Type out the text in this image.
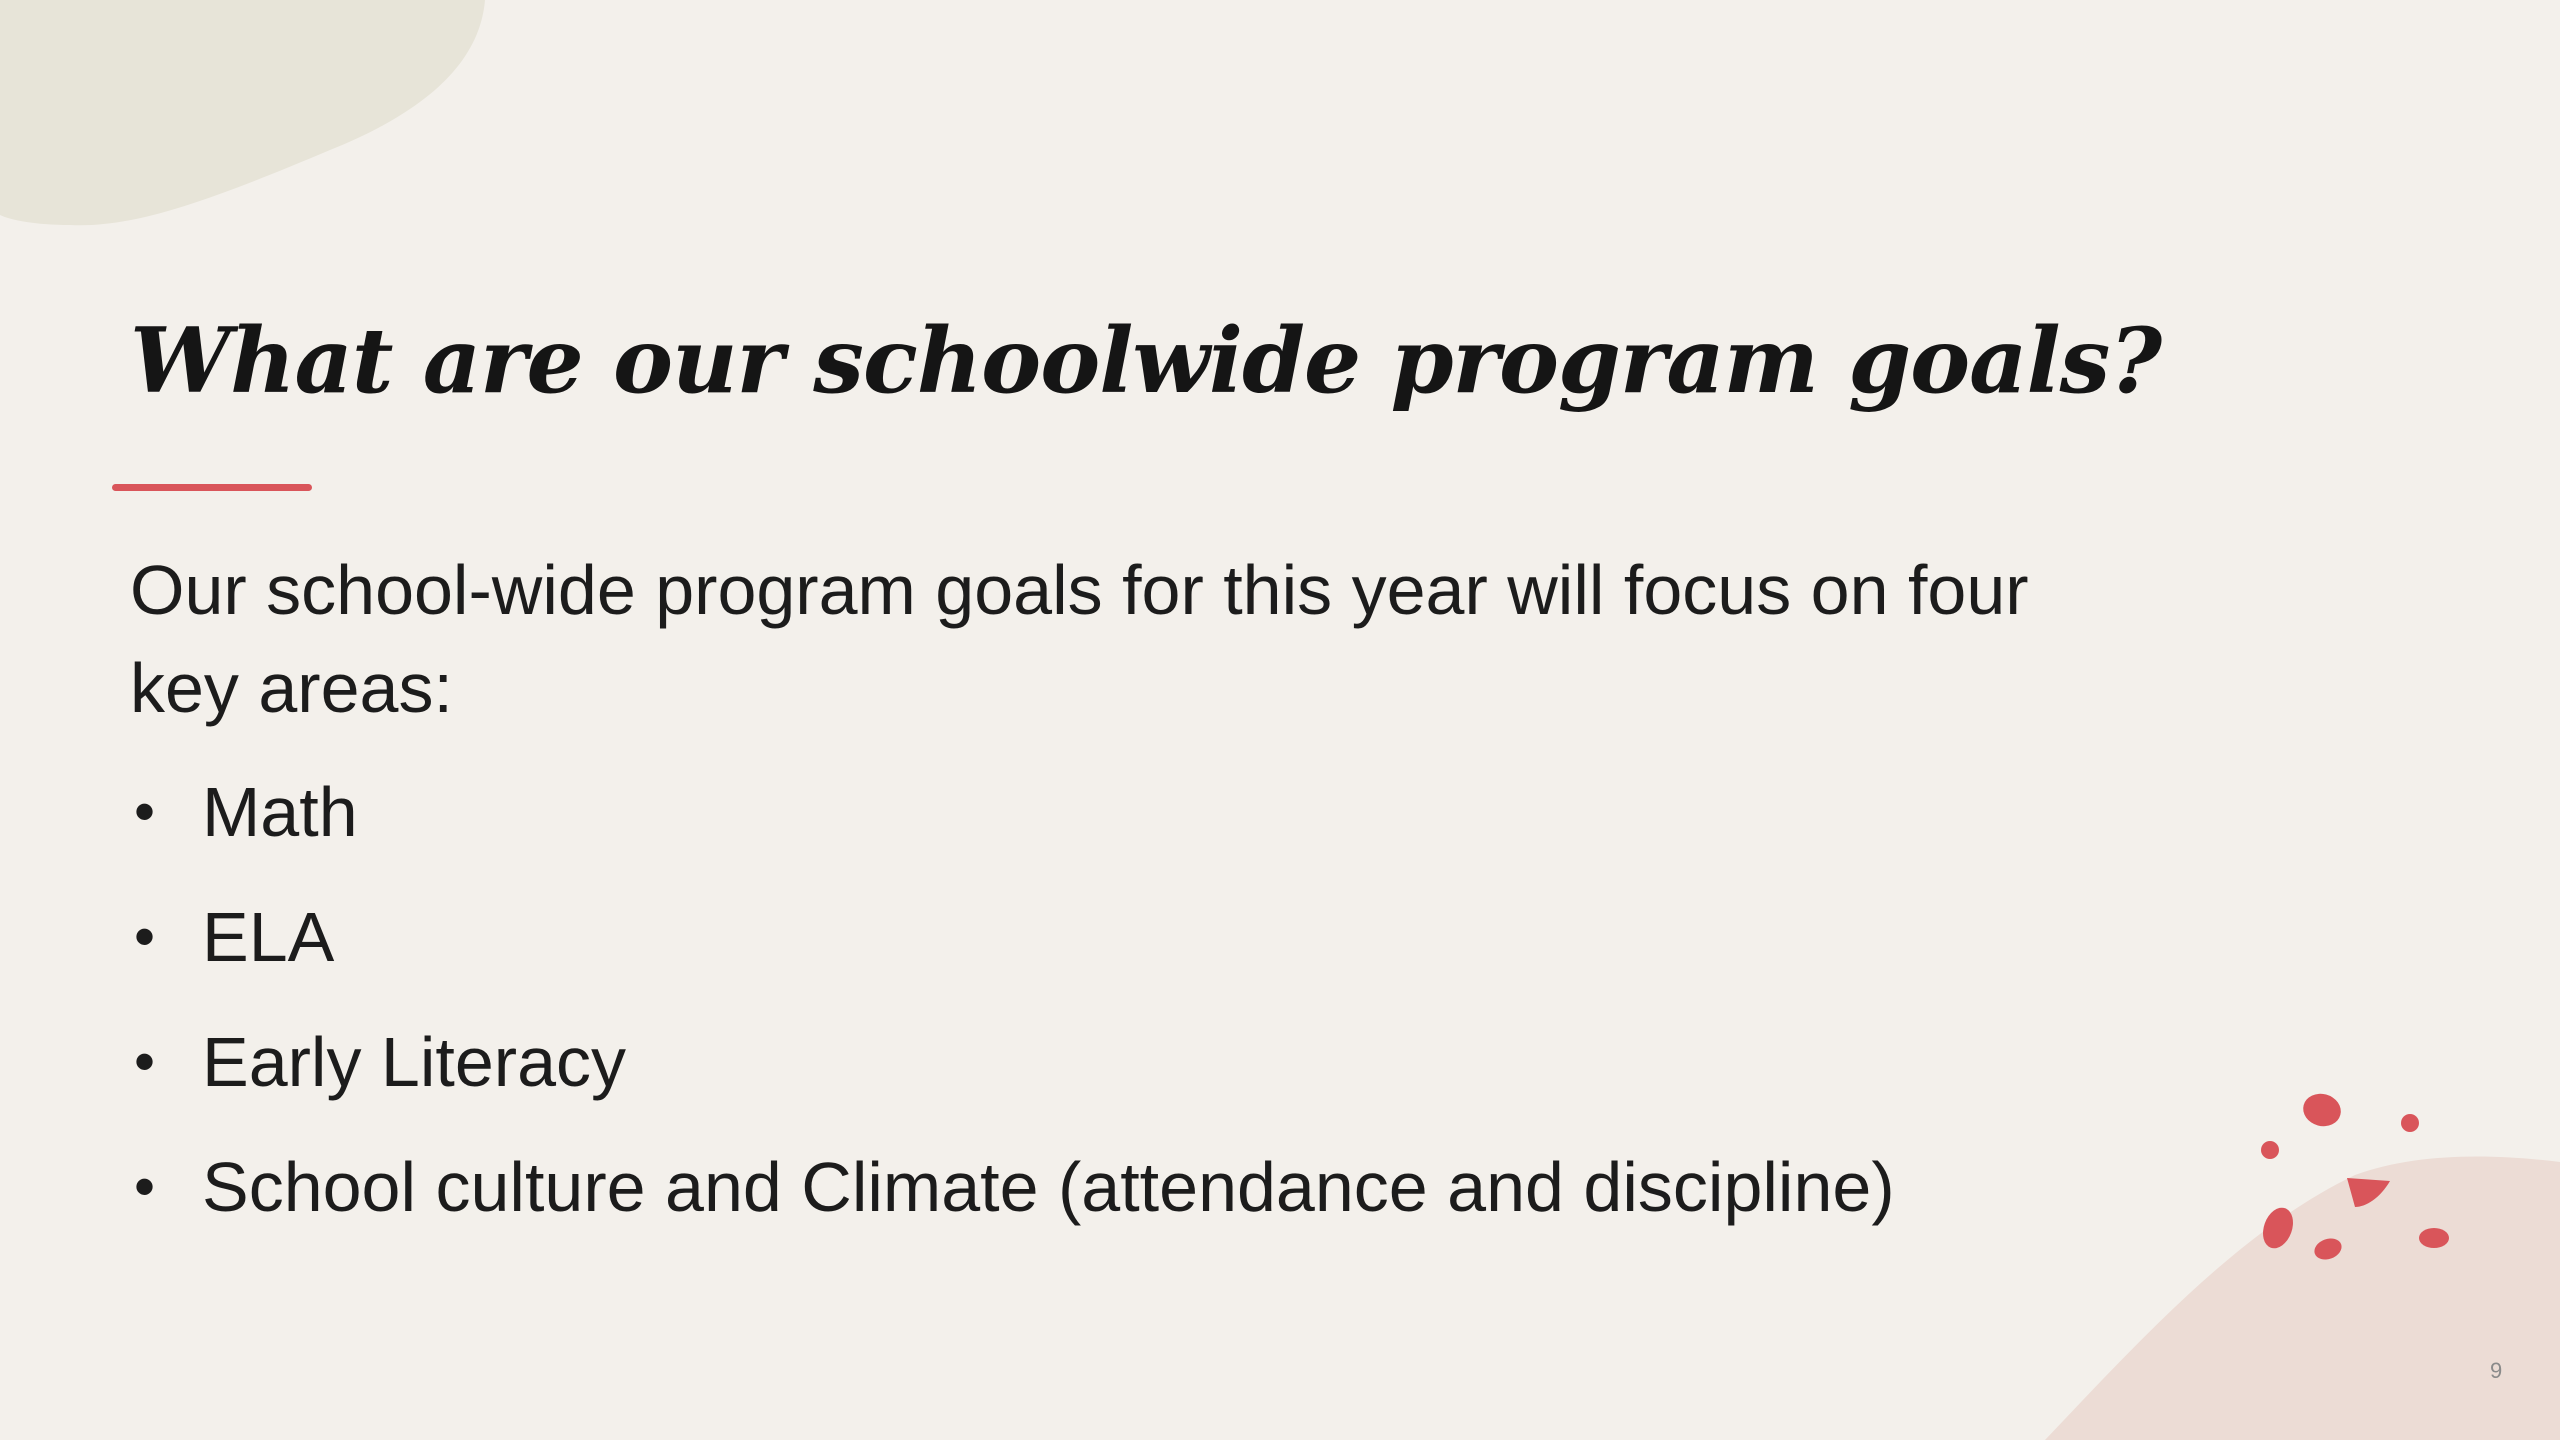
What are our schoolwide program goals?

Our school-wide program goals for this year will focus on four key areas:

• Math
• ELA
• Early Literacy
• School culture and Climate (attendance and discipline)
9
